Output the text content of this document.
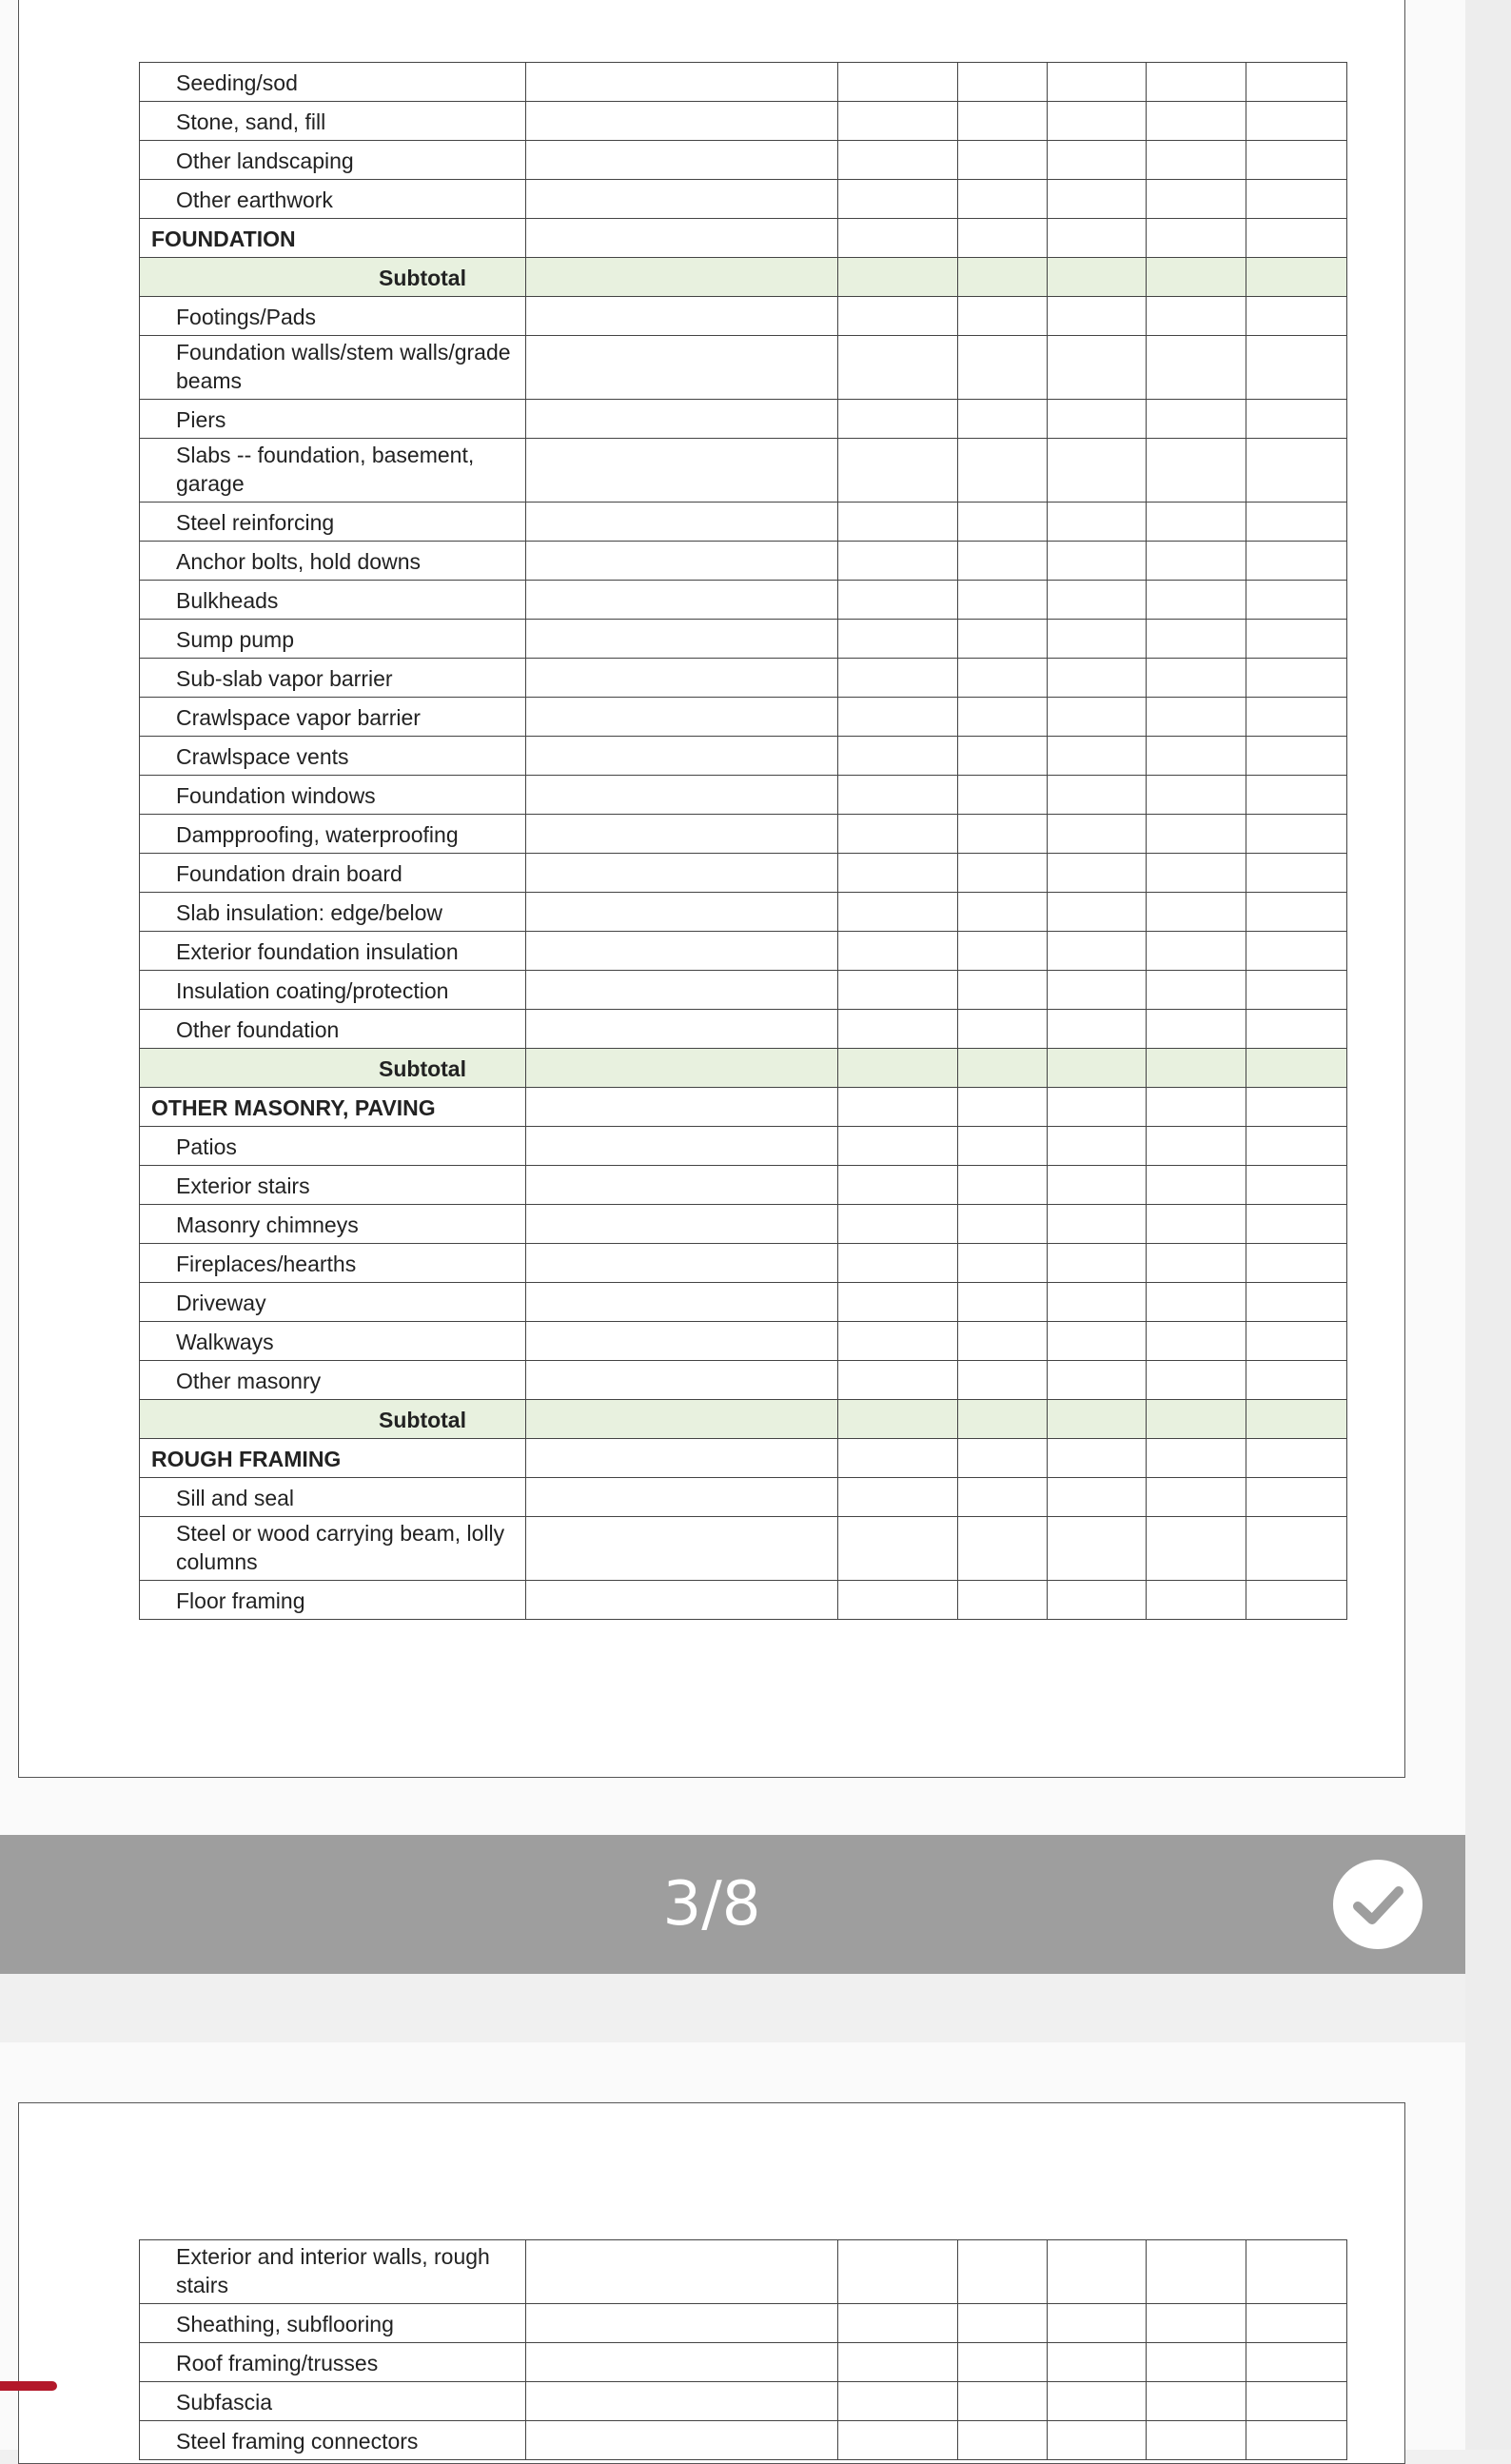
Seeding/sod						
Stone, sand, fill						
Other landscaping						
Other earthwork						
FOUNDATION						
Subtotal						
Footings/Pads						
Foundation walls/stem walls/grade beams						
Piers						
Slabs -- foundation, basement, garage						
Steel reinforcing						
Anchor bolts, hold downs						
Bulkheads						
Sump pump						
Sub-slab vapor barrier						
Crawlspace vapor barrier						
Crawlspace vents						
Foundation windows						
Dampproofing, waterproofing						
Foundation drain board						
Slab insulation: edge/below						
Exterior foundation insulation						
Insulation coating/protection						
Other foundation						
Subtotal						
OTHER MASONRY, PAVING						
Patios						
Exterior stairs						
Masonry chimneys						
Fireplaces/hearths						
Driveway						
Walkways						
Other masonry						
Subtotal						
ROUGH FRAMING						
Sill and seal						
Steel or wood carrying beam, lolly columns						
Floor framing						
3/8
Exterior and interior walls, rough stairs						
Sheathing, subflooring						
Roof framing/trusses						
Subfascia						
Steel framing connectors						
